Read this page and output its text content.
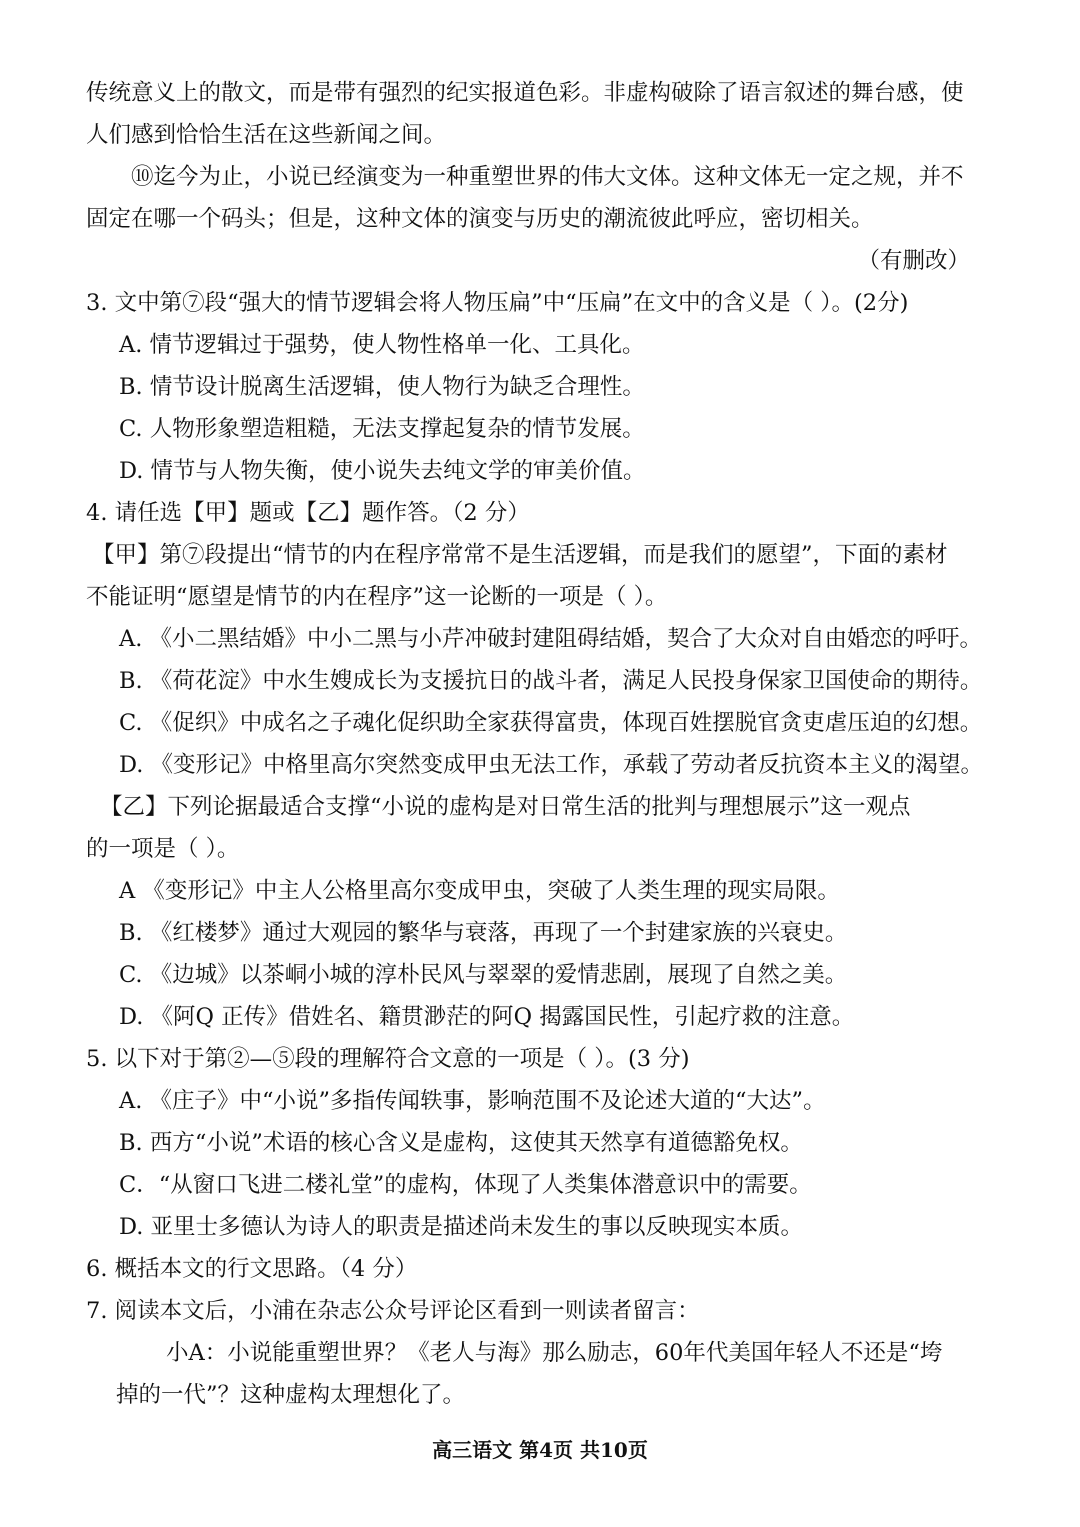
传统意义上的散文，而是带有强烈的纪实报道色彩。非虚构破除了语言叙述的舞台感，使
人们感到恰恰生活在这些新闻之间。
⑩迄今为止，小说已经演变为一种重塑世界的伟大文体。这种文体无一定之规，并不
固定在哪一个码头；但是，这种文体的演变与历史的潮流彼此呼应，密切相关。
（有删改）
3. 文中第⑦段“强大的情节逻辑会将人物压扁”中“压扁”在文中的含义是（ ）。(2分)
A. 情节逻辑过于强势，使人物性格单一化、工具化。
B. 情节设计脱离生活逻辑，使人物行为缺乏合理性。
C. 人物形象塑造粗糙，无法支撑起复杂的情节发展。
D. 情节与人物失衡，使小说失去纯文学的审美价值。
4. 请任选【甲】题或【乙】题作答。（2 分）
【甲】第⑦段提出“情节的内在程序常常不是生活逻辑，而是我们的愿望”，下面的素材
不能证明“愿望是情节的内在程序”这一论断的一项是（ ）。
A. 《小二黑结婚》中小二黑与小芹冲破封建阻碍结婚，契合了大众对自由婚恋的呼吁。
B. 《荷花淀》中水生嫂成长为支援抗日的战斗者，满足人民投身保家卫国使命的期待。
C. 《促织》中成名之子魂化促织助全家获得富贵，体现百姓摆脱官贪吏虐压迫的幻想。
D. 《变形记》中格里高尔突然变成甲虫无法工作，承载了劳动者反抗资本主义的渴望。
【乙】下列论据最适合支撑“小说的虚构是对日常生活的批判与理想展示”这一观点
的一项是（ ）。
A 《变形记》中主人公格里高尔变成甲虫，突破了人类生理的现实局限。
B. 《红楼梦》通过大观园的繁华与衰落，再现了一个封建家族的兴衰史。
C. 《边城》以茶峒小城的淳朴民风与翠翠的爱情悲剧，展现了自然之美。
D. 《阿Q 正传》借姓名、籍贯渺茫的阿Q 揭露国民性，引起疗救的注意。
5. 以下对于第②—⑤段的理解符合文意的一项是（ ）。(3 分)
A. 《庄子》中“小说”多指传闻轶事，影响范围不及论述大道的“大达”。
B. 西方“小说”术语的核心含义是虚构，这使其天然享有道德豁免权。
C．“从窗口飞进二楼礼堂”的虚构，体现了人类集体潜意识中的需要。
D. 亚里士多德认为诗人的职责是描述尚未发生的事以反映现实本质。
6. 概括本文的行文思路。（4 分）
7. 阅读本文后，小浦在杂志公众号评论区看到一则读者留言：
小A：小说能重塑世界？《老人与海》那么励志，60年代美国年轻人不还是“垮
掉的一代”？这种虚构太理想化了。
高三语文 第4页 共10页
